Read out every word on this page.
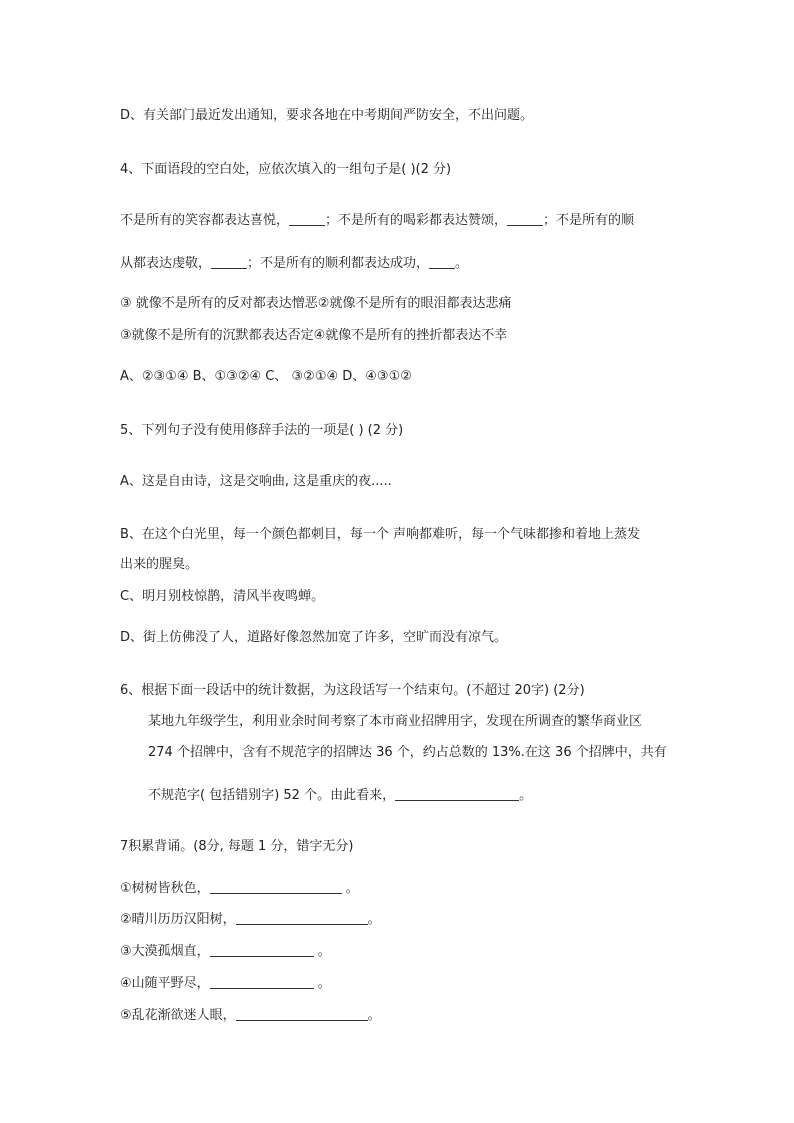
D、有关部门最近发出通知，要求各地在中考期间严防安全，不出问题。
4、下面语段的空白处，应依次填入的一组句子是( )(2 分)
不是所有的笑容都表达喜悦，	；不是所有的喝彩都表达赞颂，	；不是所有的顺
从都表达虔敬，	；不是所有的顺利都表达成功， 。
③ 就像不是所有的反对都表达憎恶②就像不是所有的眼泪都表达悲痛
③就像不是所有的沉默都表达否定④就像不是所有的挫折都表达不幸
A、②③①④ B、①③②④ C、 ③②①④ D、④③①②
5、下列句子没有使用修辞手法的一项是( ) (2 分)
A、这是自由诗，这是交响曲, 这是重庆的夜.....
B、在这个白光里，每一个颜色都刺目，每一个 声响都难听，每一个气味都掺和着地上蒸发
出来的腥臭。
C、明月别枝惊鹊，清风半夜鸣蝉。
D、街上仿佛没了人，道路好像忽然加宽了许多，空旷而没有凉气。
6、根据下面一段话中的统计数据，为这段话写一个结束句。(不超过 20字) (2分)
某地九年级学生，利用业余时间考察了本市商业招牌用字，发现在所调查的繁华商业区
274 个招牌中，含有不规范字的招牌达 36 个，约占总数的 13%.在这 36 个招牌中，共有
不规范字( 包括错别字) 52 个。由此看来，	。
7积累背诵。(8分, 每题 1 分，错字无分)
①树树皆秋色，	。
②晴川历历汉阳树，	。
③大漠孤烟直，	。
④山随平野尽，	。
⑤乱花渐欲迷人眼，	。
